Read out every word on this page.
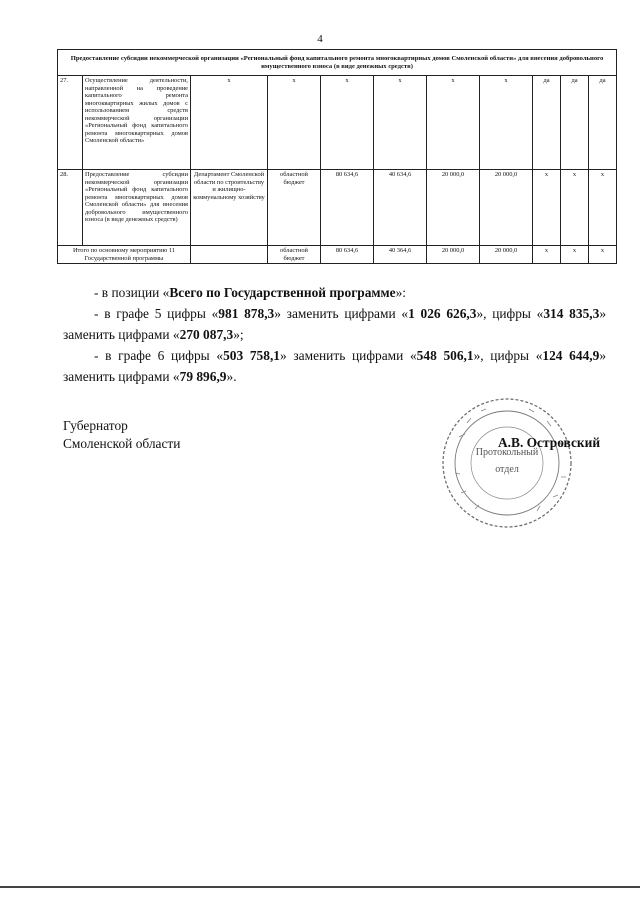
4
Предоставление субсидии некоммерческой организации «Региональный фонд капитального ремонта многоквартирных домов Смоленской области» для внесения добровольного имущественного взноса (в виде денежных средств)										
27.	Осуществление деятельности, направленной на проведение капитального ремонта многоквартирных жилых домов с использованием средств некоммерческой организации «Региональный фонд капитального ремонта многоквартирных домов Смоленской области»	х	х	х	х	х	х	да	да	да
28.	Предоставление субсидии некоммерческой организации «Региональный фонд капитального ремонта многоквартирных домов Смоленской области» для внесения добровольного имущественного взноса (в виде денежных средств)	Департамент Смоленской области по строительству и жилищно-коммунальному хозяйству	областной бюджет	80 634,6	40 634,6	20 000,0	20 000,0	х	х	х
Итого по основному мероприятию 11 Государственной программы			областной бюджет	80 634,6	40 364,6	20 000,0	20 000,0	х	х	х

- в позиции «Всего по Государственной программе»:

- в графе 5 цифры «981 878,3» заменить цифрами «1 026 626,3», цифры «314 835,3» заменить цифрами «270 087,3»;

- в графе 6 цифры «503 758,1» заменить цифрами «548 506,1», цифры «124 644,9» заменить цифрами «79 896,9».

Губернатор
Смоленской области
Протокольный
отдел
А.В. Островский
